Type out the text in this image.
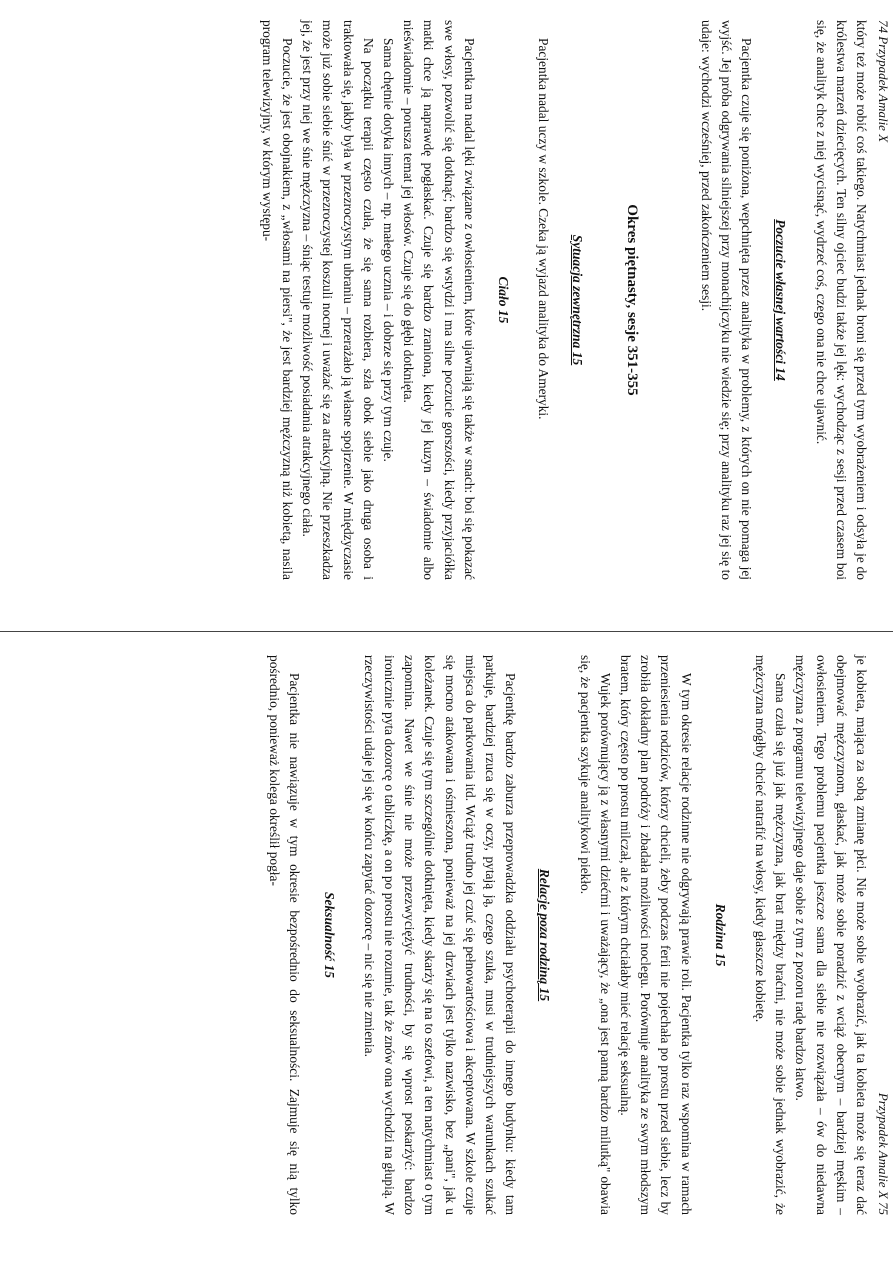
74 Przypadek Amalie X

który też może robić coś takiego. Natychmiast jednak broni się przed tym wyobrażeniem i odsyła je do królestwa marzeń dziecięcych. Ten silny ojciec budzi także jej lęk: wychodząc z sesji przed czasem boi się, że analityk chce z niej wycisnąć, wydrzeć coś, czego ona nie chce ujawnić.

Poczucie własnej wartości 14

Pacjentka czuje się poniżona, wepchnięta przez analityka w problemy, z których on nie pomaga jej wyjść. Jej próba odgrywania silniejszej przy monachijczyku nie wiedzie się; przy analityku raz jej się to udaje: wychodzi wcześniej, przed zakończeniem sesji.

Okres piętnasty, sesje 351-355
Sytuacja zewnętrzna 15

Pacjentka nadal uczy w szkole. Czeka ją wyjazd analityka do Ameryki.

Ciało 15

Pacjentka ma nadal lęki związane z owłosieniem, które ujawniają się także w snach: boi się pokazać swe włosy, pozwolić się dotknąć; bardzo się wstydzi i ma silne poczucie gorszości, kiedy przyjaciółka matki chce ją naprawdę pogłaskać. Czuje się bardzo zraniona, kiedy jej kuzyn – świadomie albo nieświadomie – porusza temat jej włosów. Czuje się do głębi dotknięta.

Sama chętnie dotyka innych – np. małego ucznia – i dobrze się przy tym czuje.

Na początku terapii często czuła, że się sama rozbiera, szła obok siebie jako druga osoba i traktowała się, jakby była w przezroczystym ubraniu – przerażało ją własne spojrzenie. W międzyczasie może już sobie siebie śnić w przezroczystej koszuli nocnej i uważać się za atrakcyjną. Nie przeszkadza jej, że jest przy niej we śnie mężczyzna – śniąc testuje możliwość posiadania atrakcyjnego ciała.

Poczucie, że jest obojnakiem, z „włosami na piersi", że jest bardziej mężczyzną niż kobietą, nasila program telewizyjny, w którym występu-

Przypadek Amalie X 75

je kobieta, mająca za sobą zmianę płci. Nie może sobie wyobrazić, jak ta kobieta może się teraz dać obejmować mężczyznom, głaskać, jak może sobie poradzić z wciąż obecnym – bardziej męskim – owłosieniem. Tego problemu pacjentka jeszcze sama dla siebie nie rozwiązała – ów do niedawna mężczyzna z programu telewizyjnego daje sobie z tym z pozoru radę bardzo łatwo.

Sama czuła się już jak mężczyzna, jak brat między braćmi, nie może sobie jednak wyobrazić, że mężczyzna mógłby chcieć natrafić na włosy, kiedy głaszcze kobietę.

Rodzina 15

W tym okresie relacje rodzinne nie odgrywają prawie roli. Pacjentka tylko raz wspomina w ramach przeniesienia rodziców, którzy chcieli, żeby podczas ferii nie pojechała po prostu przed siebie, lecz by zrobiła dokładny plan podróży i zbadała możliwości noclegu. Porównuje analityka ze swym młodszym bratem, który często po prostu milczał, ale z którym chciałaby mieć relację seksualną.

Wujek porównujący ją z własnymi dziećmi i uważający, że „ona jest panną bardzo milutką" obawia się, że pacjentka szykuje analitykowi piekło.

Relacje poza rodziną 15

Pacjentkę bardzo zaburza przeprowadzka oddziału psychoterapii do innego budynku: kiedy tam parkuje, bardziej rzuca się w oczy, pytają ją, czego szuka, musi w trudniejszych warunkach szukać miejsca do parkowania itd. Wciąż trudno jej czuć się pełnowartościowa i akceptowana. W szkole czuje się mocno atakowana i ośmieszona, ponieważ na jej drzwiach jest tylko nazwisko, bez „pani", jak u koleżanek. Czuje się tym szczególnie dotknięta, kiedy skarży się na to szefowi, a ten natychmiast o tym zapomina. Nawet we śnie nie może przezwyciężyć trudności, by się wprost poskarżyć: bardzo ironicznie pyta dozorcę o tabliczkę, a on po prostu nie rozumie, tak że znów ona wychodzi na głupią. W rzeczywistości udaje jej się w końcu zapytać dozorcę – nic się nie zmienia.

Seksualność 15

Pacjentka nie nawiązuje w tym okresie bezpośrednio do seksualności. Zajmuje się nią tylko pośrednio, ponieważ kolega określił pogła-
